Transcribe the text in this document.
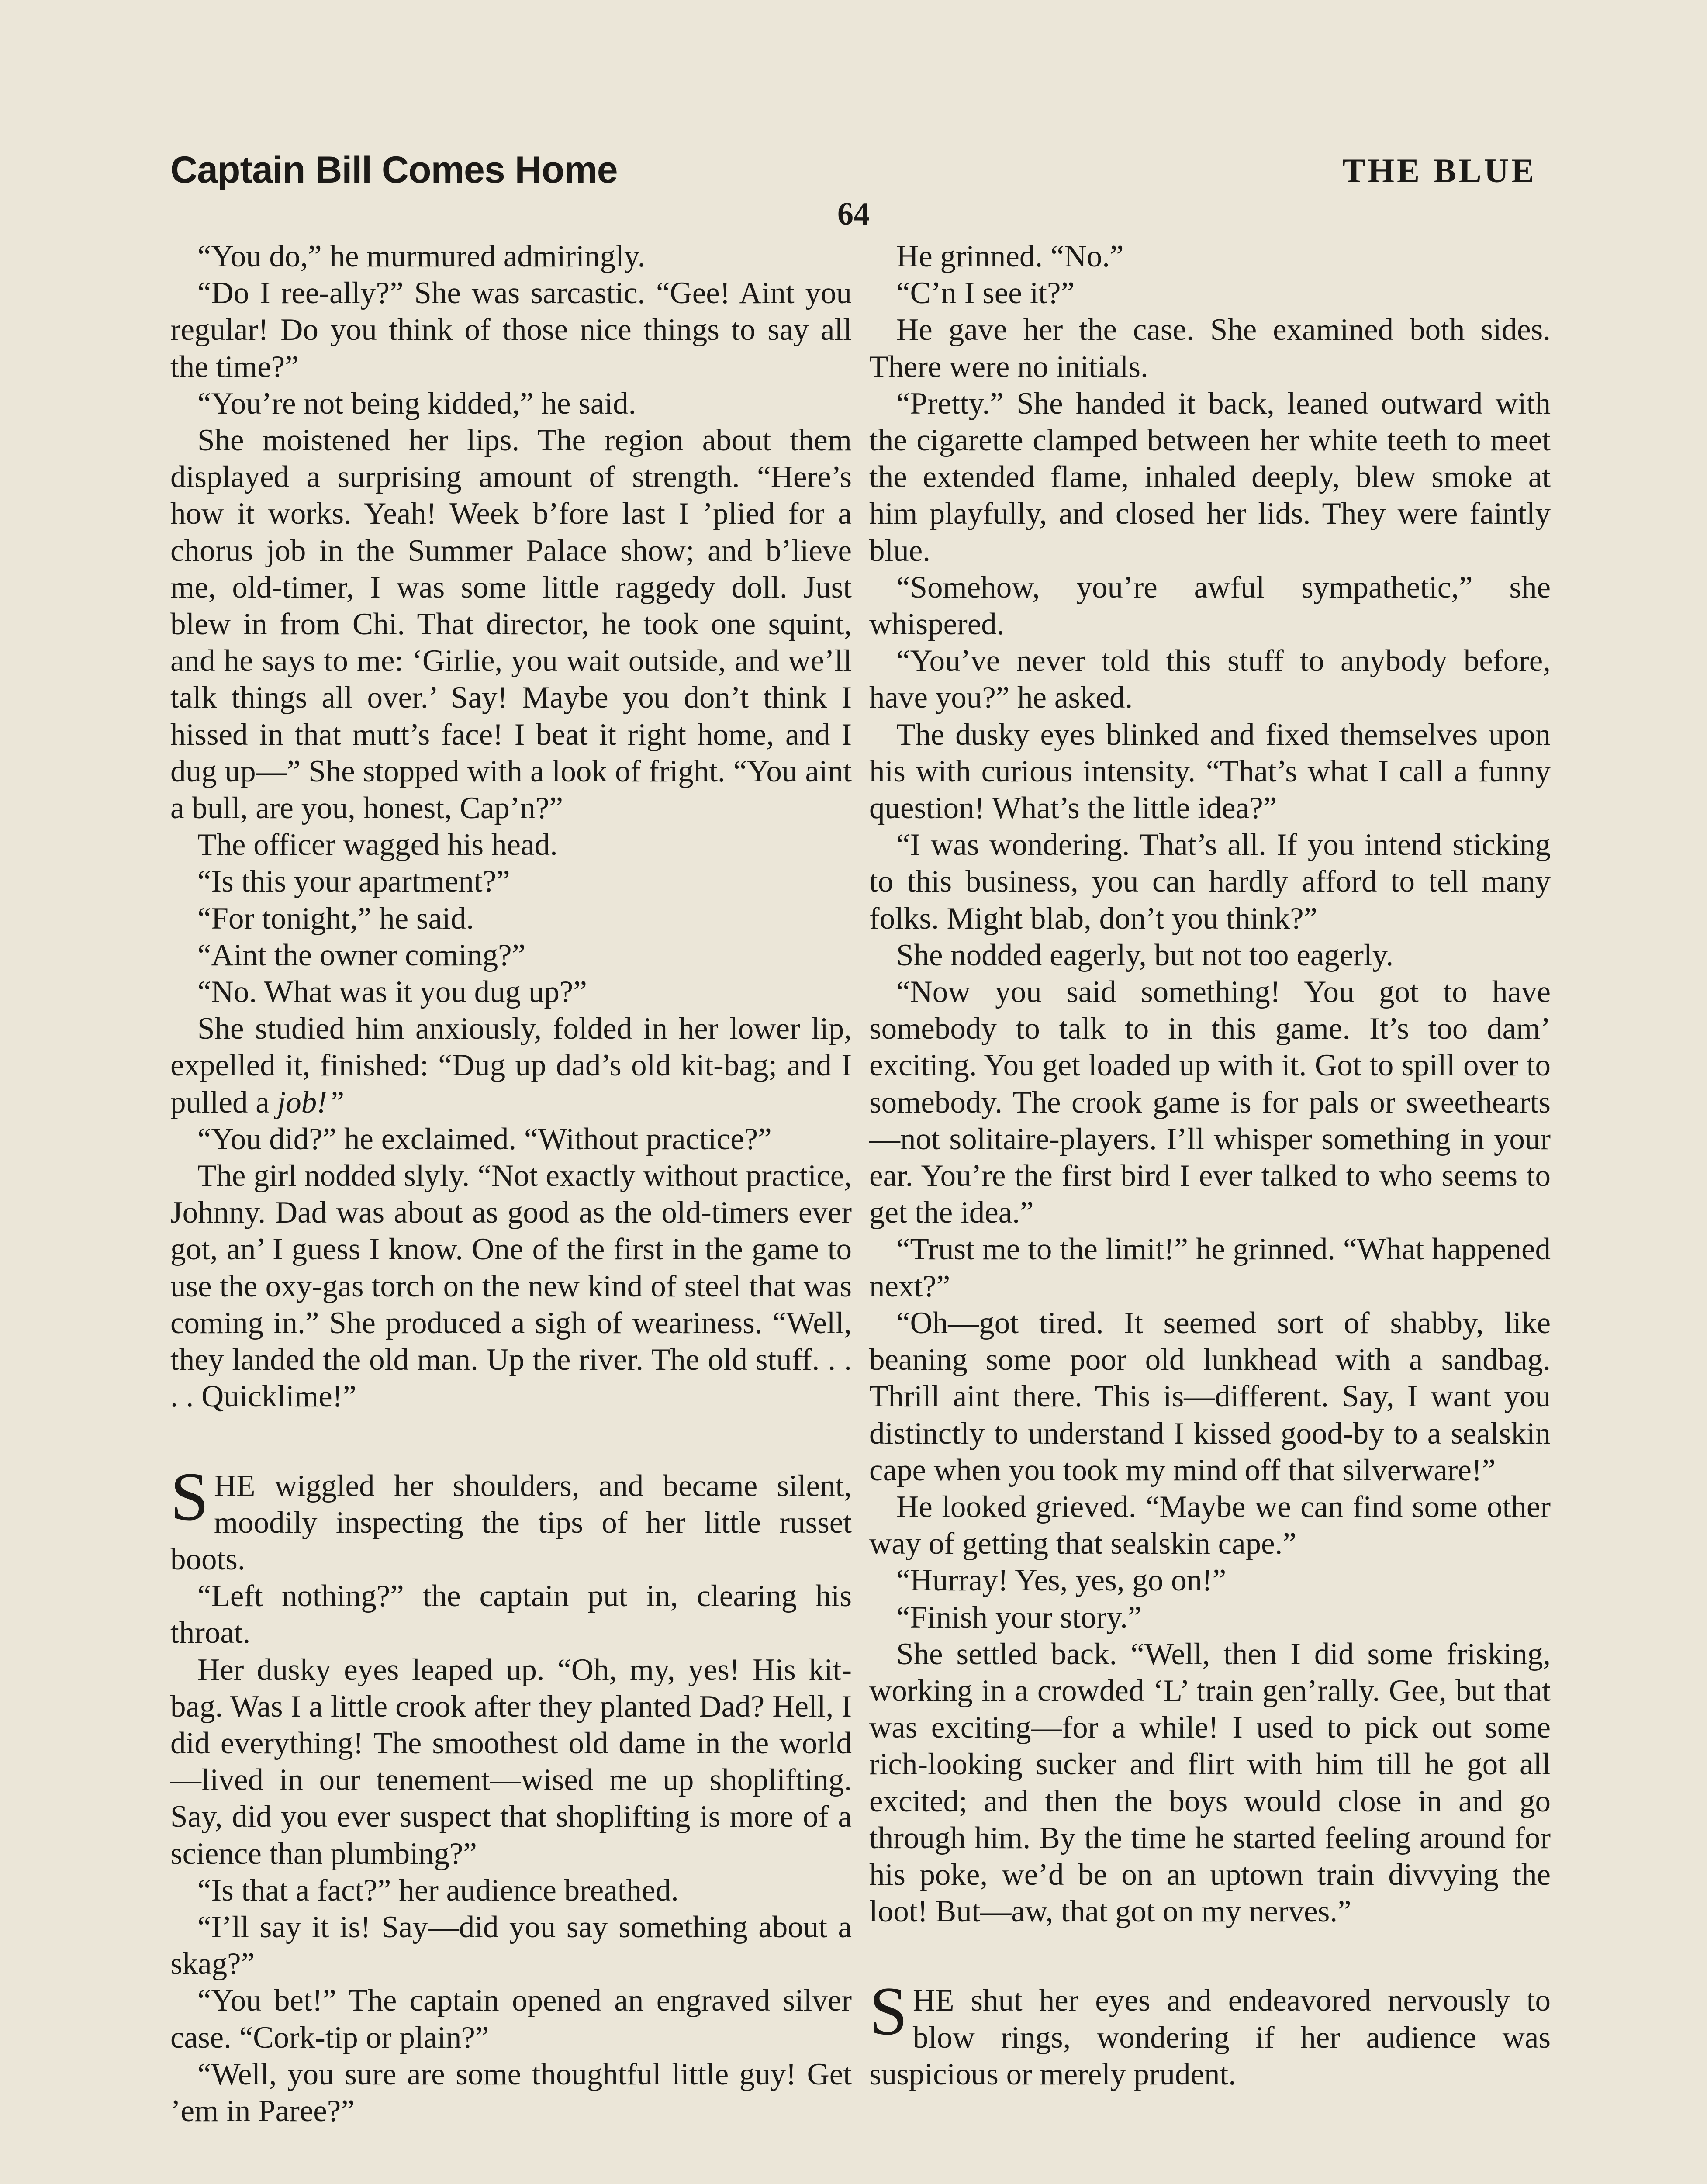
Captain Bill Comes Home	THE BLUE
64

“You do,” he murmured admiringly.

“Do I ree-ally?” She was sarcastic. “Gee! Aint you regular! Do you think of those nice things to say all the time?”

“You’re not being kidded,” he said.

She moistened her lips. The region about them displayed a surprising amount of strength. “Here’s how it works. Yeah! Week b’fore last I ’plied for a chorus job in the Summer Palace show; and b’lieve me, old-timer, I was some little raggedy doll. Just blew in from Chi. That director, he took one squint, and he says to me: ‘Girlie, you wait outside, and we’ll talk things all over.’ Say! Maybe you don’t think I hissed in that mutt’s face! I beat it right home, and I dug up—” She stopped with a look of fright. “You aint a bull, are you, honest, Cap’n?”

The officer wagged his head.

“Is this your apartment?”

“For tonight,” he said.

“Aint the owner coming?”

“No. What was it you dug up?”

She studied him anxiously, folded in her lower lip, expelled it, finished: “Dug up dad’s old kit-bag; and I pulled a job!”

“You did?” he exclaimed. “Without practice?”

The girl nodded slyly. “Not exactly without practice, Johnny. Dad was about as good as the old-timers ever got, an’ I guess I know. One of the first in the game to use the oxy-gas torch on the new kind of steel that was coming in.” She produced a sigh of weariness. “Well, they landed the old man. Up the river. The old stuff. . . . . Quicklime!”

SHE wiggled her shoulders, and became silent, moodily inspecting the tips of her little russet boots.

“Left nothing?” the captain put in, clearing his throat.

Her dusky eyes leaped up. “Oh, my, yes! His kit-bag. Was I a little crook after they planted Dad? Hell, I did everything! The smoothest old dame in the world—lived in our tenement—wised me up shoplifting. Say, did you ever suspect that shoplifting is more of a science than plumbing?”

“Is that a fact?” her audience breathed.

“I’ll say it is! Say—did you say something about a skag?”

“You bet!” The captain opened an engraved silver case. “Cork-tip or plain?”

“Well, you sure are some thoughtful little guy! Get ’em in Paree?”

He grinned. “No.”

“C’n I see it?”

He gave her the case. She examined both sides. There were no initials.

“Pretty.” She handed it back, leaned outward with the cigarette clamped between her white teeth to meet the extended flame, inhaled deeply, blew smoke at him playfully, and closed her lids. They were faintly blue.

“Somehow, you’re awful sympathetic,” she whispered.

“You’ve never told this stuff to anybody before, have you?” he asked.

The dusky eyes blinked and fixed themselves upon his with curious intensity. “That’s what I call a funny question! What’s the little idea?”

“I was wondering. That’s all. If you intend sticking to this business, you can hardly afford to tell many folks. Might blab, don’t you think?”

She nodded eagerly, but not too eagerly.

“Now you said something! You got to have somebody to talk to in this game. It’s too dam’ exciting. You get loaded up with it. Got to spill over to somebody. The crook game is for pals or sweethearts —not solitaire-players. I’ll whisper something in your ear. You’re the first bird I ever talked to who seems to get the idea.”

“Trust me to the limit!” he grinned. “What happened next?”

“Oh—got tired. It seemed sort of shabby, like beaning some poor old lunkhead with a sandbag. Thrill aint there. This is—different. Say, I want you distinctly to understand I kissed good-by to a sealskin cape when you took my mind off that silverware!”

He looked grieved. “Maybe we can find some other way of getting that sealskin cape.”

“Hurray! Yes, yes, go on!”

“Finish your story.”

She settled back. “Well, then I did some frisking, working in a crowded ‘L’ train gen’rally. Gee, but that was exciting—for a while! I used to pick out some rich-looking sucker and flirt with him till he got all excited; and then the boys would close in and go through him. By the time he started feeling around for his poke, we’d be on an uptown train divvying the loot! But—aw, that got on my nerves.”

SHE shut her eyes and endeavored nervously to blow rings, wondering if her audience was suspicious or merely prudent.
